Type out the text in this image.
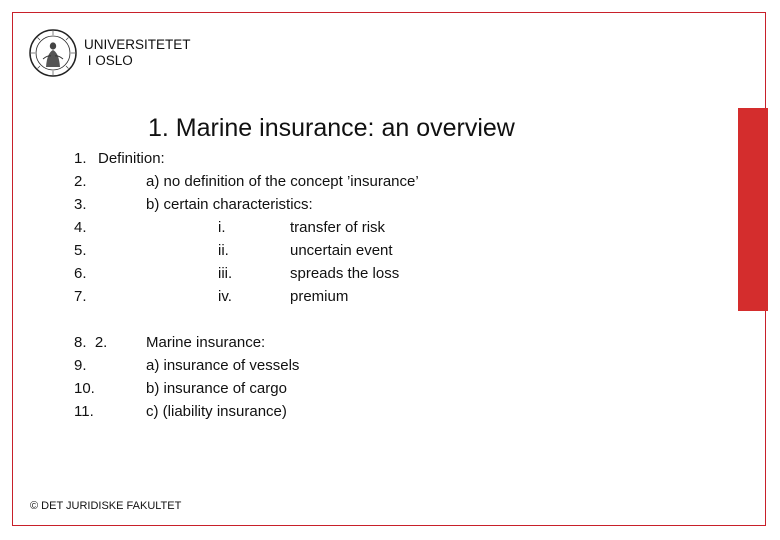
UNIVERSITETET
I OSLO
1. Marine insurance: an overview
1. Definition:
2.	a) no definition of the concept ’insurance’
3.	b) certain characteristics:
4.	i.	transfer of risk
5.	ii.	uncertain event
6.	iii.	spreads the loss
7.	iv.	premium
8.  2.	Marine insurance:
9.	a) insurance of vessels
10.	b) insurance of cargo
11.	c) (liability insurance)
© DET JURIDISKE FAKULTET
